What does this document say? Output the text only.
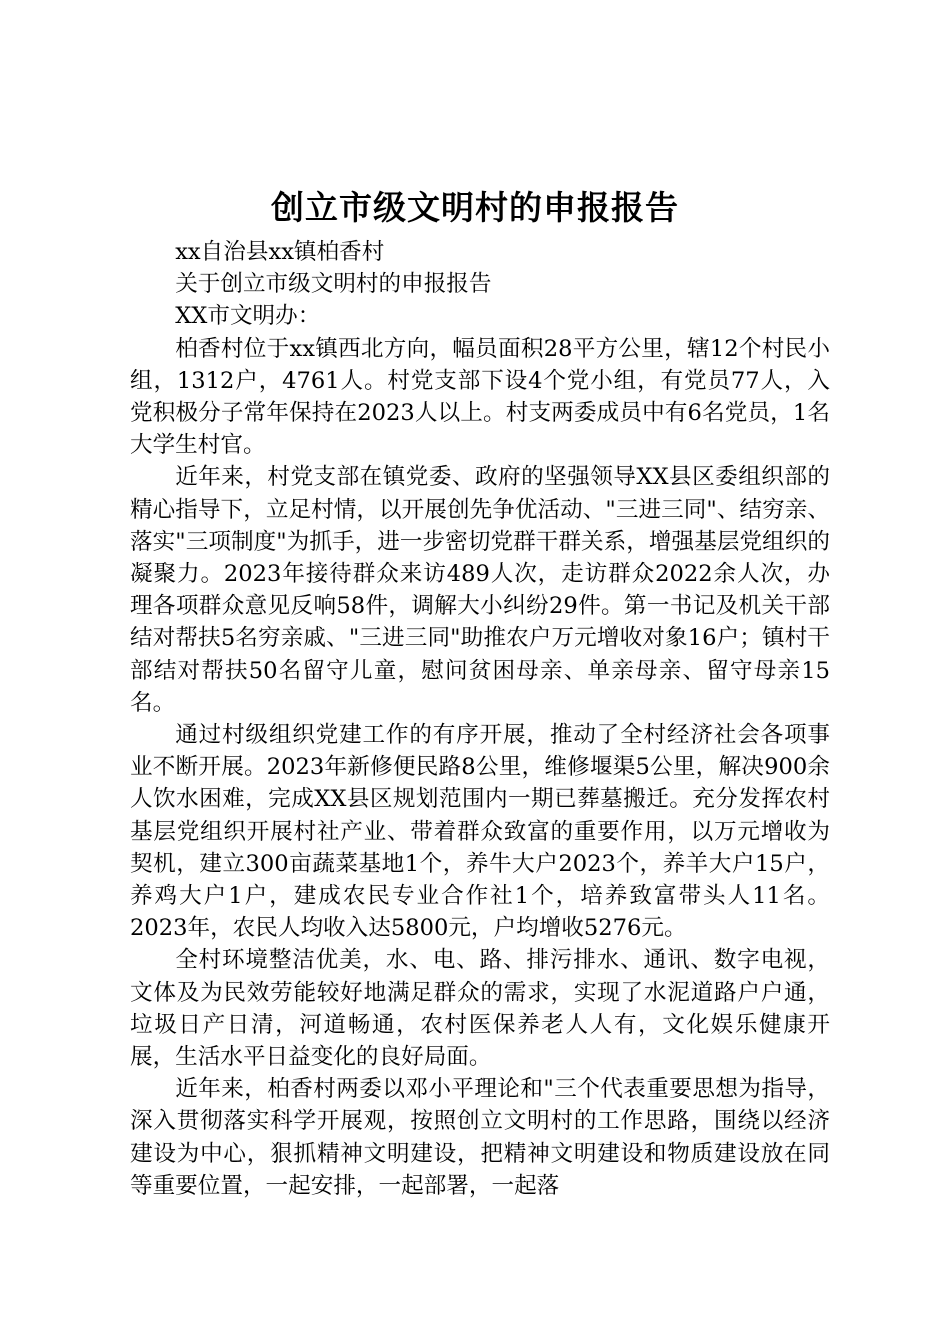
创立市级文明村的申报报告

xx自治县xx镇柏香村

关于创立市级文明村的申报报告

XX市文明办：

柏香村位于xx镇西北方向，幅员面积28平方公里，辖12个村民小组，1312户，4761人。村党支部下设4个党小组，有党员77人，入党积极分子常年保持在2023人以上。村支两委成员中有6名党员，1名大学生村官。

近年来，村党支部在镇党委、政府的坚强领导XX县区委组织部的精心指导下，立足村情，以开展创先争优活动、"三进三同"、结穷亲、落实"三项制度"为抓手，进一步密切党群干群关系，增强基层党组织的凝聚力。2023年接待群众来访489人次，走访群众2022余人次，办理各项群众意见反响58件，调解大小纠纷29件。第一书记及机关干部结对帮扶5名穷亲戚、"三进三同"助推农户万元增收对象16户；镇村干部结对帮扶50名留守儿童，慰问贫困母亲、单亲母亲、留守母亲15名。

通过村级组织党建工作的有序开展，推动了全村经济社会各项事业不断开展。2023年新修便民路8公里，维修堰渠5公里，解决900余人饮水困难，完成XX县区规划范围内一期已葬墓搬迁。充分发挥农村基层党组织开展村社产业、带着群众致富的重要作用，以万元增收为契机，建立300亩蔬菜基地1个，养牛大户2023个，养羊大户15户，养鸡大户1户，建成农民专业合作社1个，培养致富带头人11名。2023年，农民人均收入达5800元，户均增收5276元。

全村环境整洁优美，水、电、路、排污排水、通讯、数字电视，文体及为民效劳能较好地满足群众的需求，实现了水泥道路户户通，垃圾日产日清，河道畅通，农村医保养老人人有，文化娱乐健康开展，生活水平日益变化的良好局面。

近年来，柏香村两委以邓小平理论和"三个代表重要思想为指导，深入贯彻落实科学开展观，按照创立文明村的工作思路，围绕以经济建设为中心，狠抓精神文明建设，把精神文明建设和物质建设放在同等重要位置，一起安排，一起部署，一起落
